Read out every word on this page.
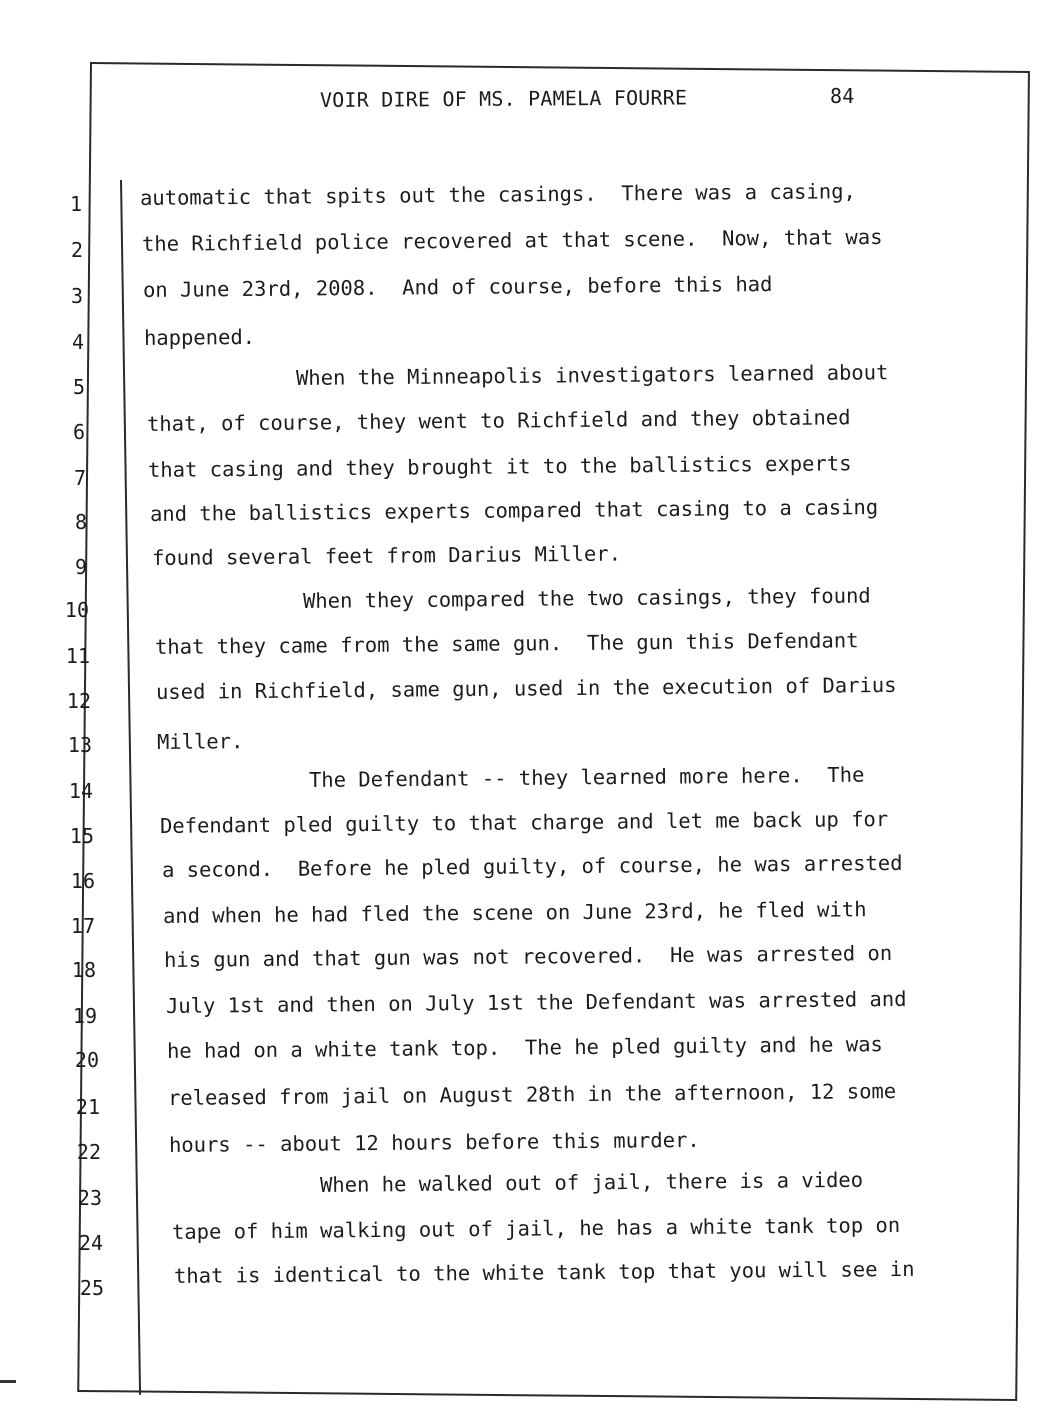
VOIR DIRE OF MS. PAMELA FOURRE	84
1
2
3
4
5
6
7
8
9
10
11
12
13
14
15
16
17
18
19
20
21
22
23
24
25
automatic that spits out the casings.  There was a casing,
the Richfield police recovered at that scene.  Now, that was
on June 23rd, 2008.  And of course, before this had
happened.
When the Minneapolis investigators learned about
that, of course, they went to Richfield and they obtained
that casing and they brought it to the ballistics experts
and the ballistics experts compared that casing to a casing
found several feet from Darius Miller.
When they compared the two casings, they found
that they came from the same gun.  The gun this Defendant
used in Richfield, same gun, used in the execution of Darius
Miller.
The Defendant -- they learned more here.  The
Defendant pled guilty to that charge and let me back up for
a second.  Before he pled guilty, of course, he was arrested
and when he had fled the scene on June 23rd, he fled with
his gun and that gun was not recovered.  He was arrested on
July 1st and then on July 1st the Defendant was arrested and
he had on a white tank top.  The he pled guilty and he was
released from jail on August 28th in the afternoon, 12 some
hours -- about 12 hours before this murder.
When he walked out of jail, there is a video
tape of him walking out of jail, he has a white tank top on
that is identical to the white tank top that you will see in
